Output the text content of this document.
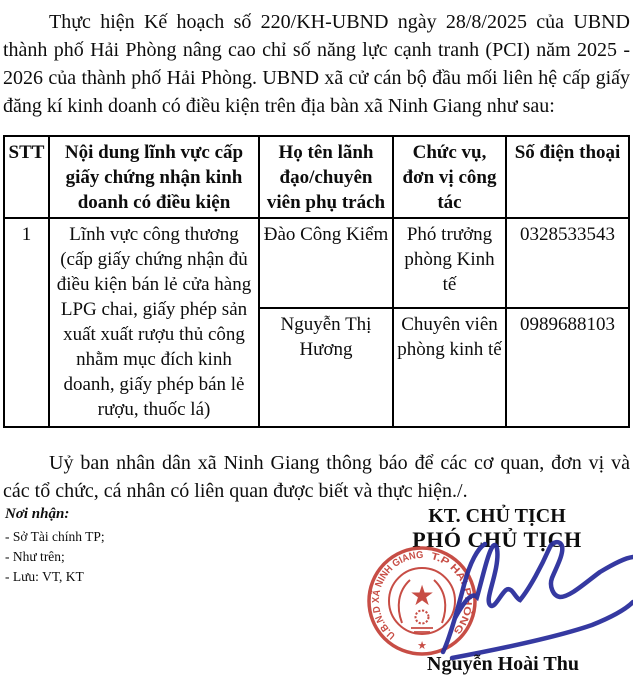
Thực hiện Kế hoạch số 220/KH-UBND ngày 28/8/2025 của UBND thành phố Hải Phòng nâng cao chỉ số năng lực cạnh tranh (PCI) năm 2025 - 2026 của thành phố Hải Phòng. UBND xã cử cán bộ đầu mối liên hệ cấp giấy đăng kí kinh doanh có điều kiện trên địa bàn xã Ninh Giang như sau:

STT	Nội dung lĩnh vực cấp giấy chứng nhận kinh doanh có điều kiện	Họ tên lãnh đạo/chuyên viên phụ trách	Chức vụ, đơn vị công tác	Số điện thoại
1	Lĩnh vực công thương (cấp giấy chứng nhận đủ điều kiện bán lẻ cửa hàng LPG chai, giấy phép sản xuất xuất rượu thủ công nhằm mục đích kinh doanh, giấy phép bán lẻ rượu, thuốc lá)	Đào Công Kiểm	Phó trưởng phòng Kinh tế	0328533543
		Nguyễn Thị Hương	Chuyên viên phòng kinh tế	0989688103

Uỷ ban nhân dân xã Ninh Giang thông báo để các cơ quan, đơn vị và các tổ chức, cá nhân có liên quan được biết và thực hiện./.

Nơi nhận:
- Sở Tài chính TP;
- Như trên;
- Lưu: VT, KT
KT. CHỦ TỊCH
PHÓ CHỦ TỊCH
U.B.N.D XÃ NINH GIANG T.P HẢI PHÒNG
★
★
Nguyễn Hoài Thu
